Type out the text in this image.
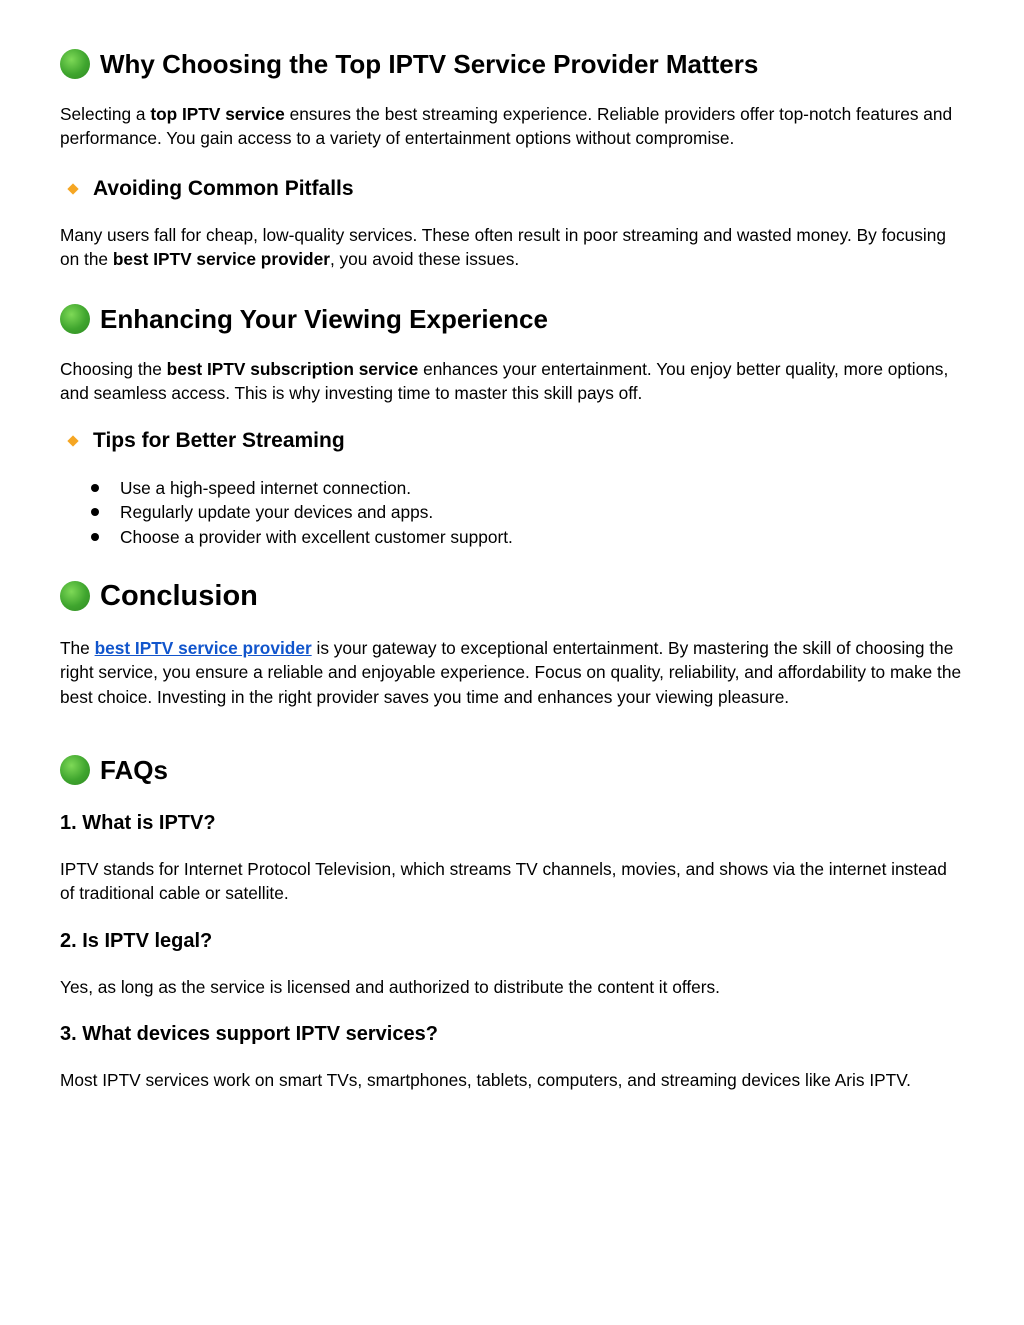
Why Choosing the Top IPTV Service Provider Matters

Selecting a top IPTV service ensures the best streaming experience. Reliable providers offer top-notch features and performance. You gain access to a variety of entertainment options without compromise.

Avoiding Common Pitfalls

Many users fall for cheap, low-quality services. These often result in poor streaming and wasted money. By focusing on the best IPTV service provider, you avoid these issues.

Enhancing Your Viewing Experience

Choosing the best IPTV subscription service enhances your entertainment. You enjoy better quality, more options, and seamless access. This is why investing time to master this skill pays off.

Tips for Better Streaming
Use a high-speed internet connection.
Regularly update your devices and apps.
Choose a provider with excellent customer support.
Conclusion

The best IPTV service provider is your gateway to exceptional entertainment. By mastering the skill of choosing the right service, you ensure a reliable and enjoyable experience. Focus on quality, reliability, and affordability to make the best choice. Investing in the right provider saves you time and enhances your viewing pleasure.

FAQs
1. What is IPTV?

IPTV stands for Internet Protocol Television, which streams TV channels, movies, and shows via the internet instead of traditional cable or satellite.

2. Is IPTV legal?

Yes, as long as the service is licensed and authorized to distribute the content it offers.

3. What devices support IPTV services?

Most IPTV services work on smart TVs, smartphones, tablets, computers, and streaming devices like Aris IPTV.
